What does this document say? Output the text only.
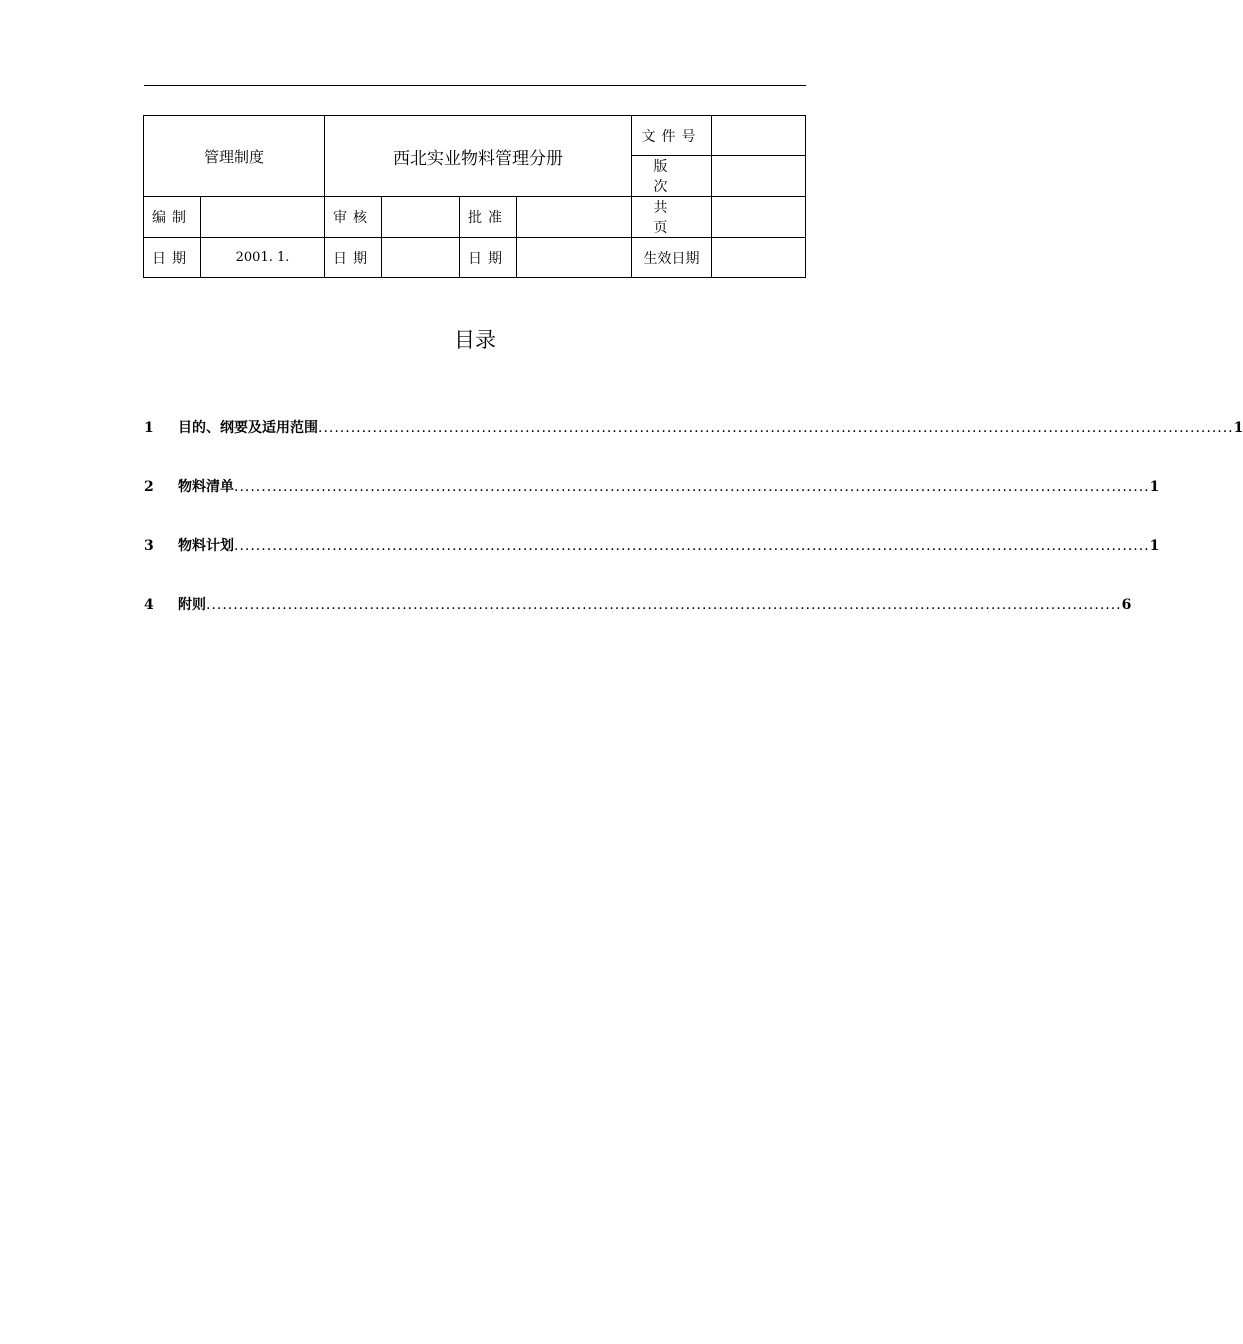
管理制度		西北实业物料管理分册				文件号	
						版 次	
编制		审核		批准		共 页	
日期	2001. 1.	日期		日期		生效日期	
目录
1	目的、纲要及适用范围 ........................................................................................................................................................................ 1
2	物料清单 ........................................................................................................................................................................ 1
3	物料计划 ........................................................................................................................................................................ 1
4	附则 ........................................................................................................................................................................ 6
